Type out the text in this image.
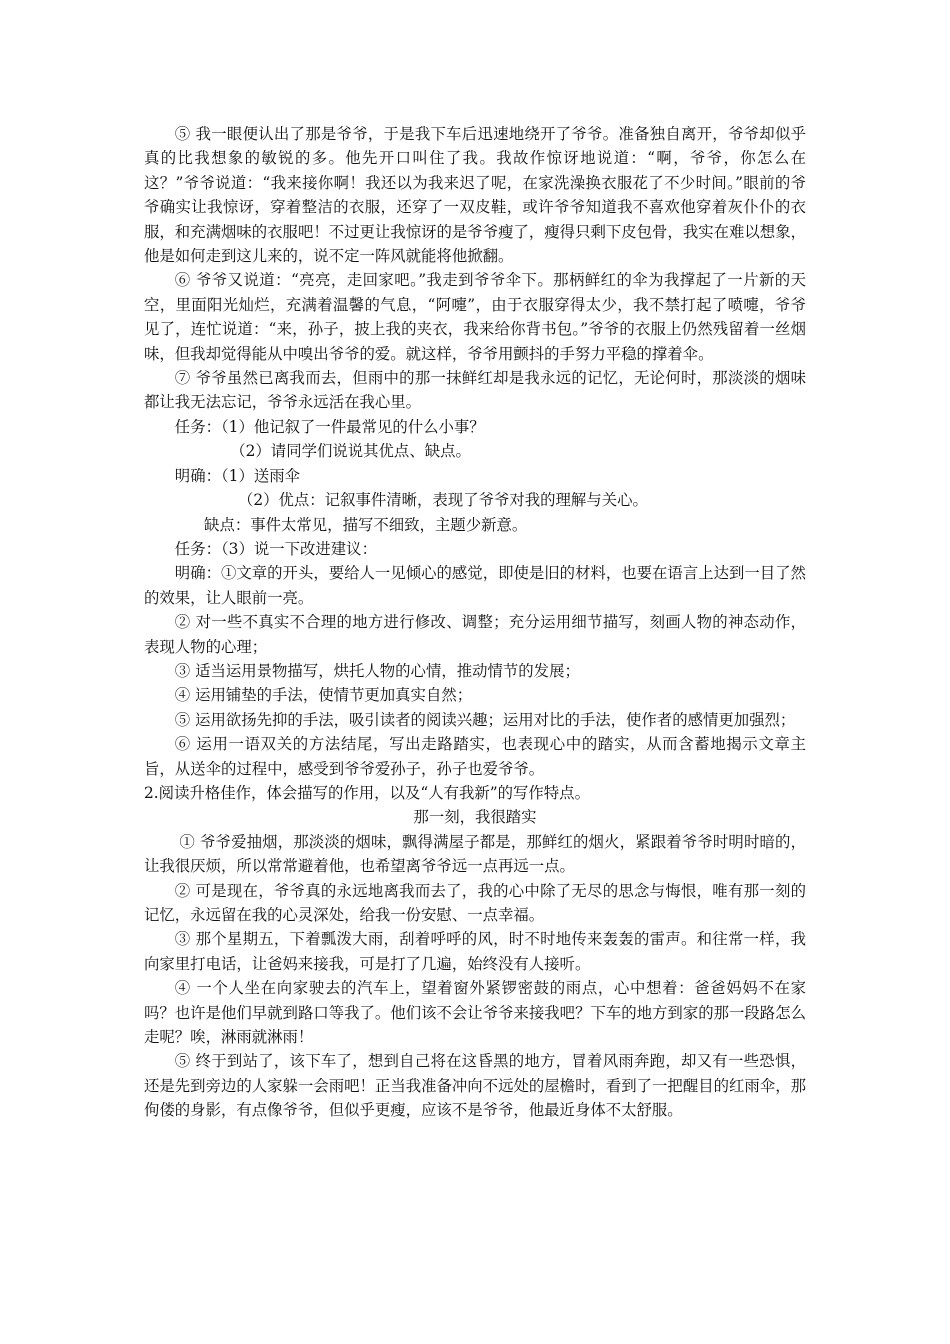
⑤ 我一眼便认出了那是爷爷，于是我下车后迅速地绕开了爷爷。准备独自离开，爷爷却似乎真的比我想象的敏锐的多。他先开口叫住了我。我故作惊讶地说道：“啊，爷爷，你怎么在这？”爷爷说道：“我来接你啊！我还以为我来迟了呢，在家洗澡换衣服花了不少时间。”眼前的爷爷确实让我惊讶，穿着整洁的衣服，还穿了一双皮鞋，或许爷爷知道我不喜欢他穿着灰仆仆的衣服，和充满烟味的衣服吧！不过更让我惊讶的是爷爷瘦了，瘦得只剩下皮包骨，我实在难以想象，他是如何走到这儿来的，说不定一阵风就能将他掀翻。

⑥ 爷爷又说道：“亮亮，走回家吧。”我走到爷爷伞下。那柄鲜红的伞为我撑起了一片新的天空，里面阳光灿烂，充满着温馨的气息，“阿嚏”，由于衣服穿得太少，我不禁打起了喷嚏，爷爷见了，连忙说道：“来，孙子，披上我的夹衣，我来给你背书包。”爷爷的衣服上仍然残留着一丝烟味，但我却觉得能从中嗅出爷爷的爱。就这样，爷爷用颤抖的手努力平稳的撑着伞。

⑦ 爷爷虽然已离我而去，但雨中的那一抹鲜红却是我永远的记忆，无论何时，那淡淡的烟味都让我无法忘记，爷爷永远活在我心里。

任务：（1）他记叙了一件最常见的什么小事？

（2）请同学们说说其优点、缺点。

明确：（1）送雨伞

（2）优点：记叙事件清晰，表现了爷爷对我的理解与关心。

缺点：事件太常见，描写不细致，主题少新意。

任务：（3）说一下改进建议：

明确：①文章的开头，要给人一见倾心的感觉，即使是旧的材料，也要在语言上达到一目了然的效果，让人眼前一亮。

② 对一些不真实不合理的地方进行修改、调整；充分运用细节描写，刻画人物的神态动作，表现人物的心理；

③ 适当运用景物描写，烘托人物的心情，推动情节的发展；

④ 运用铺垫的手法，使情节更加真实自然；

⑤ 运用欲扬先抑的手法，吸引读者的阅读兴趣；运用对比的手法，使作者的感情更加强烈；

⑥ 运用一语双关的方法结尾，写出走路踏实，也表现心中的踏实，从而含蓄地揭示文章主旨，从送伞的过程中，感受到爷爷爱孙子，孙子也爱爷爷。

2.阅读升格佳作，体会描写的作用，以及“人有我新”的写作特点。

那一刻，我很踏实

① 爷爷爱抽烟，那淡淡的烟味，飘得满屋子都是，那鲜红的烟火，紧跟着爷爷时明时暗的，让我很厌烦，所以常常避着他，也希望离爷爷远一点再远一点。

② 可是现在，爷爷真的永远地离我而去了，我的心中除了无尽的思念与悔恨，唯有那一刻的记忆，永远留在我的心灵深处，给我一份安慰、一点幸福。

③ 那个星期五，下着瓢泼大雨，刮着呼呼的风，时不时地传来轰轰的雷声。和往常一样，我向家里打电话，让爸妈来接我，可是打了几遍，始终没有人接听。

④ 一个人坐在向家驶去的汽车上，望着窗外紧锣密鼓的雨点，心中想着：爸爸妈妈不在家吗？也许是他们早就到路口等我了。他们该不会让爷爷来接我吧？下车的地方到家的那一段路怎么走呢？唉，淋雨就淋雨！

⑤ 终于到站了，该下车了，想到自己将在这昏黑的地方，冒着风雨奔跑，却又有一些恐惧，还是先到旁边的人家躲一会雨吧！正当我准备冲向不远处的屋檐时，看到了一把醒目的红雨伞，那佝偻的身影，有点像爷爷，但似乎更瘦，应该不是爷爷，他最近身体不太舒服。
